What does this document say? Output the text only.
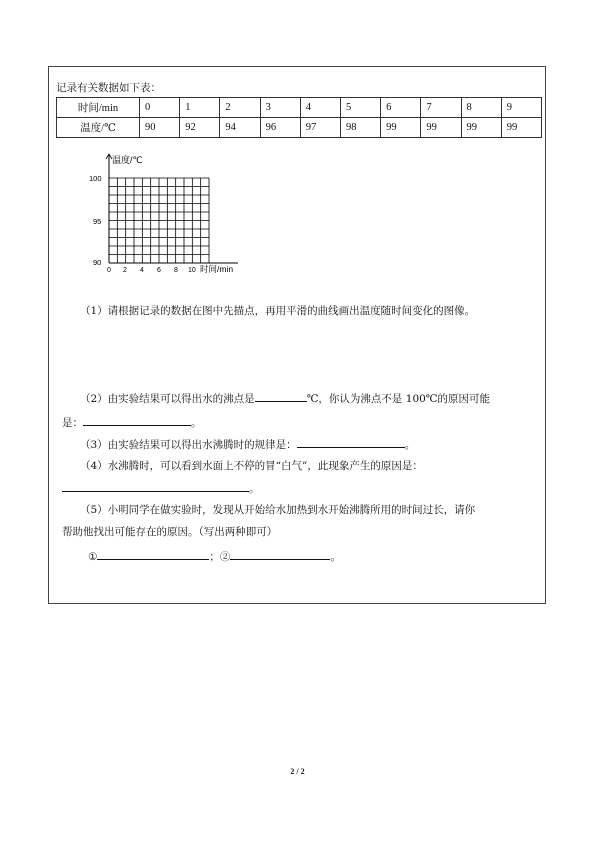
记录有关数据如下表：
时间/min	0	1	2	3	4	5	6	7	8	9
温度/℃	90	92	94	96	97	98	99	99	99	99
温度/℃
100
95
90
0 2 4 6 8 10 时间/min
（1）请根据记录的数据在图中先描点，再用平滑的曲线画出温度随时间变化的图像。
（2）由实验结果可以得出水的沸点是	℃，你认为沸点不是 100℃的原因可能
是：	。
（3）由实验结果可以得出水沸腾时的规律是：	。
（4）水沸腾时，可以看到水面上不停的冒“白气”，此现象产生的原因是：
。
（5）小明同学在做实验时，发现从开始给水加热到水开始沸腾所用的时间过长，请你
帮助他找出可能存在的原因。（写出两种即可）
①	；②	。
2 / 2
